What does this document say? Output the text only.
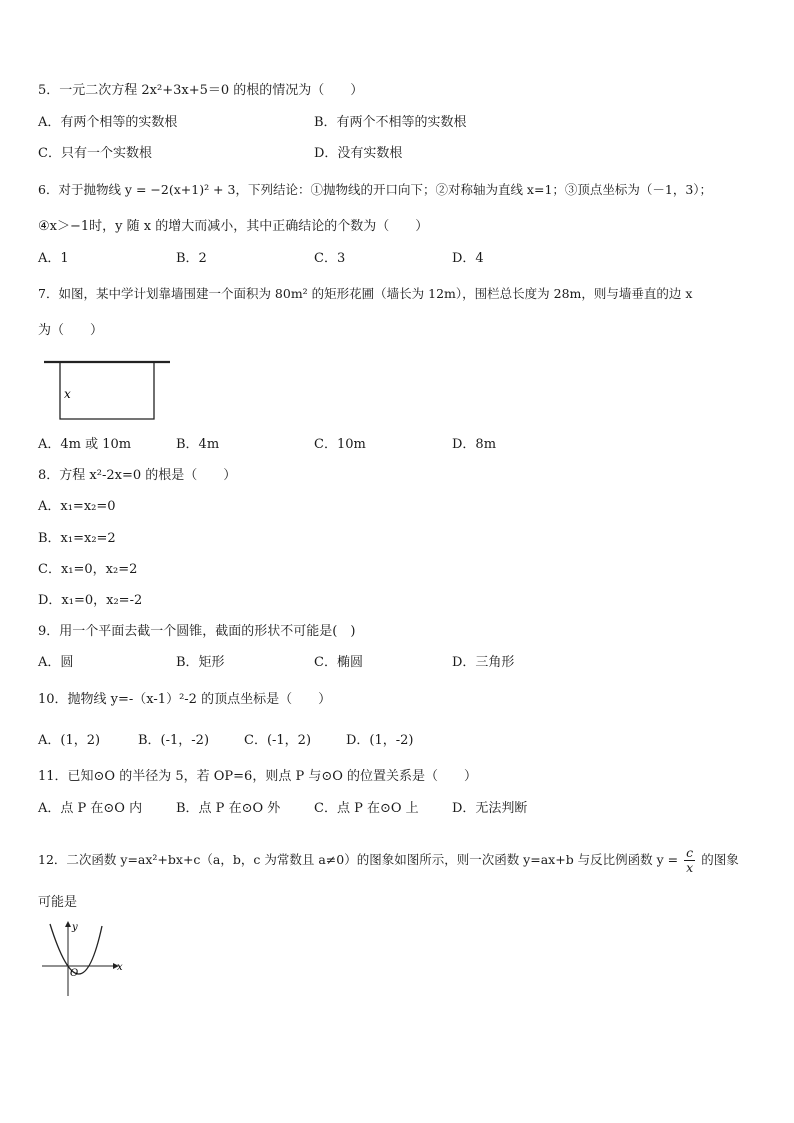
5．一元二次方程 2x²+3x+5＝0 的根的情况为（　　）
A．有两个相等的实数根	B．有两个不相等的实数根
C．只有一个实数根	D．没有实数根
6．对于抛物线 y = −2(x+1)² + 3，下列结论：①抛物线的开口向下；②对称轴为直线 x=1；③顶点坐标为（－1，3）；
④x＞−1时，y 随 x 的增大而减小，其中正确结论的个数为（　　）
A．1	B．2	C．3	D．4
7．如图，某中学计划靠墙围建一个面积为 80m² 的矩形花圃（墙长为 12m），围栏总长度为 28m，则与墙垂直的边 x
为（　　）
x
A．4m 或 10m	B．4m	C．10m	D．8m
8．方程 x²-2x=0 的根是（　　）
A．x₁=x₂=0
B．x₁=x₂=2
C．x₁=0，x₂=2
D．x₁=0，x₂=-2
9．用一个平面去截一个圆锥，截面的形状不可能是(　)
A．圆	B．矩形	C．椭圆	D．三角形
10．抛物线 y=-（x-1）²-2 的顶点坐标是（　　）
A．(1，2)	B．(-1，-2)	C．(-1，2)	D．(1，-2)
11．已知⊙O 的半径为 5，若 OP=6，则点 P 与⊙O 的位置关系是（　　）
A．点 P 在⊙O 内	B．点 P 在⊙O 外	C．点 P 在⊙O 上	D．无法判断
12．二次函数 y=ax²+bx+c（a，b，c 为常数且 a≠0）的图象如图所示，则一次函数 y=ax+b 与反比例函数 $y = \frac{c}{x}$ 的图象
可能是
y
x
O
